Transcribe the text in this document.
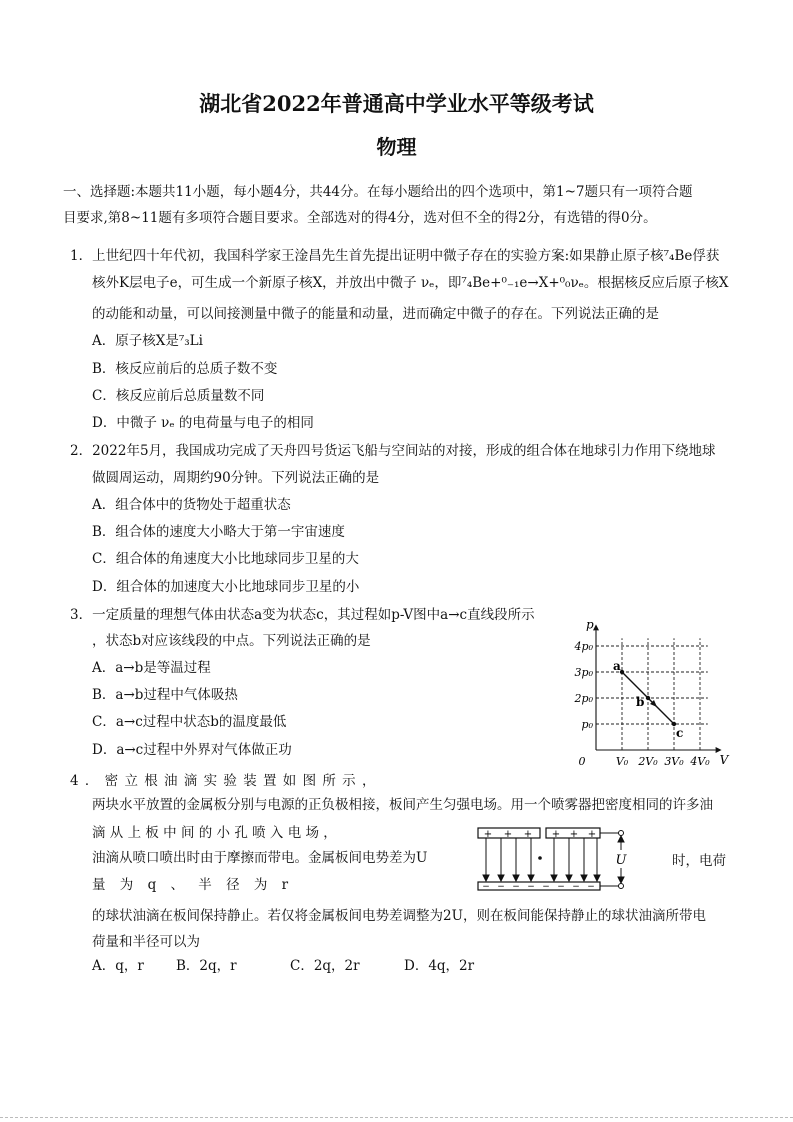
湖北省2022年普通高中学业水平等级考试
物理
一、选择题:本题共11小题，每小题4分，共44分。在每小题给出的四个选项中，第1~7题只有一项符合题
目要求,第8~11题有多项符合题目要求。全部选对的得4分，选对但不全的得2分，有选错的得0分。
1．上世纪四十年代初，我国科学家王淦昌先生首先提出证明中微子存在的实验方案:如果静止原子核⁷₄Be俘获
核外K层电子e，可生成一个新原子核X，并放出中微子 νₑ，即⁷₄Be+⁰₋₁e→X+⁰₀νₑ。根据核反应后原子核X
的动能和动量，可以间接测量中微子的能量和动量，进而确定中微子的存在。下列说法正确的是
A．原子核X是⁷₃Li
B．核反应前后的总质子数不变
C．核反应前后总质量数不同
D．中微子 νₑ 的电荷量与电子的相同
2．2022年5月，我国成功完成了天舟四号货运飞船与空间站的对接，形成的组合体在地球引力作用下绕地球
做圆周运动，周期约90分钟。下列说法正确的是
A．组合体中的货物处于超重状态
B．组合体的速度大小略大于第一宇宙速度
C．组合体的角速度大小比地球同步卫星的大
D．组合体的加速度大小比地球同步卫星的小
3．一定质量的理想气体由状态a变为状态c，其过程如p-V图中a→c直线段所示
，状态b对应该线段的中点。下列说法正确的是
A．a→b是等温过程
B．a→b过程中气体吸热
C．a→c过程中状态b的温度最低
D．a→c过程中外界对气体做正功
V
p
0	V₀ 2V₀ 3V₀ 4V₀
p₀
2p₀
3p₀
4p₀
a
b
c
4 ． 密 立 根 油 滴 实 验 装 置 如 图 所 示 ，
两块水平放置的金属板分别与电源的正负极相接，板间产生匀强电场。用一个喷雾器把密度相同的许多油
滴 从 上 板 中 间 的 小 孔 喷 入 电 场 ，
油滴从喷口喷出时由于摩擦而带电。金属板间电势差为U	时，电荷
量 为 q 、 半 径 为 r
的球状油滴在板间保持静止。若仅将金属板间电势差调整为2U，则在板间能保持静止的球状油滴所带电
荷量和半径可以为
A．q，r B．2q，r	C．2q，2r	D．4q，2r
+ + + + + +
− − − − − − − −
U
